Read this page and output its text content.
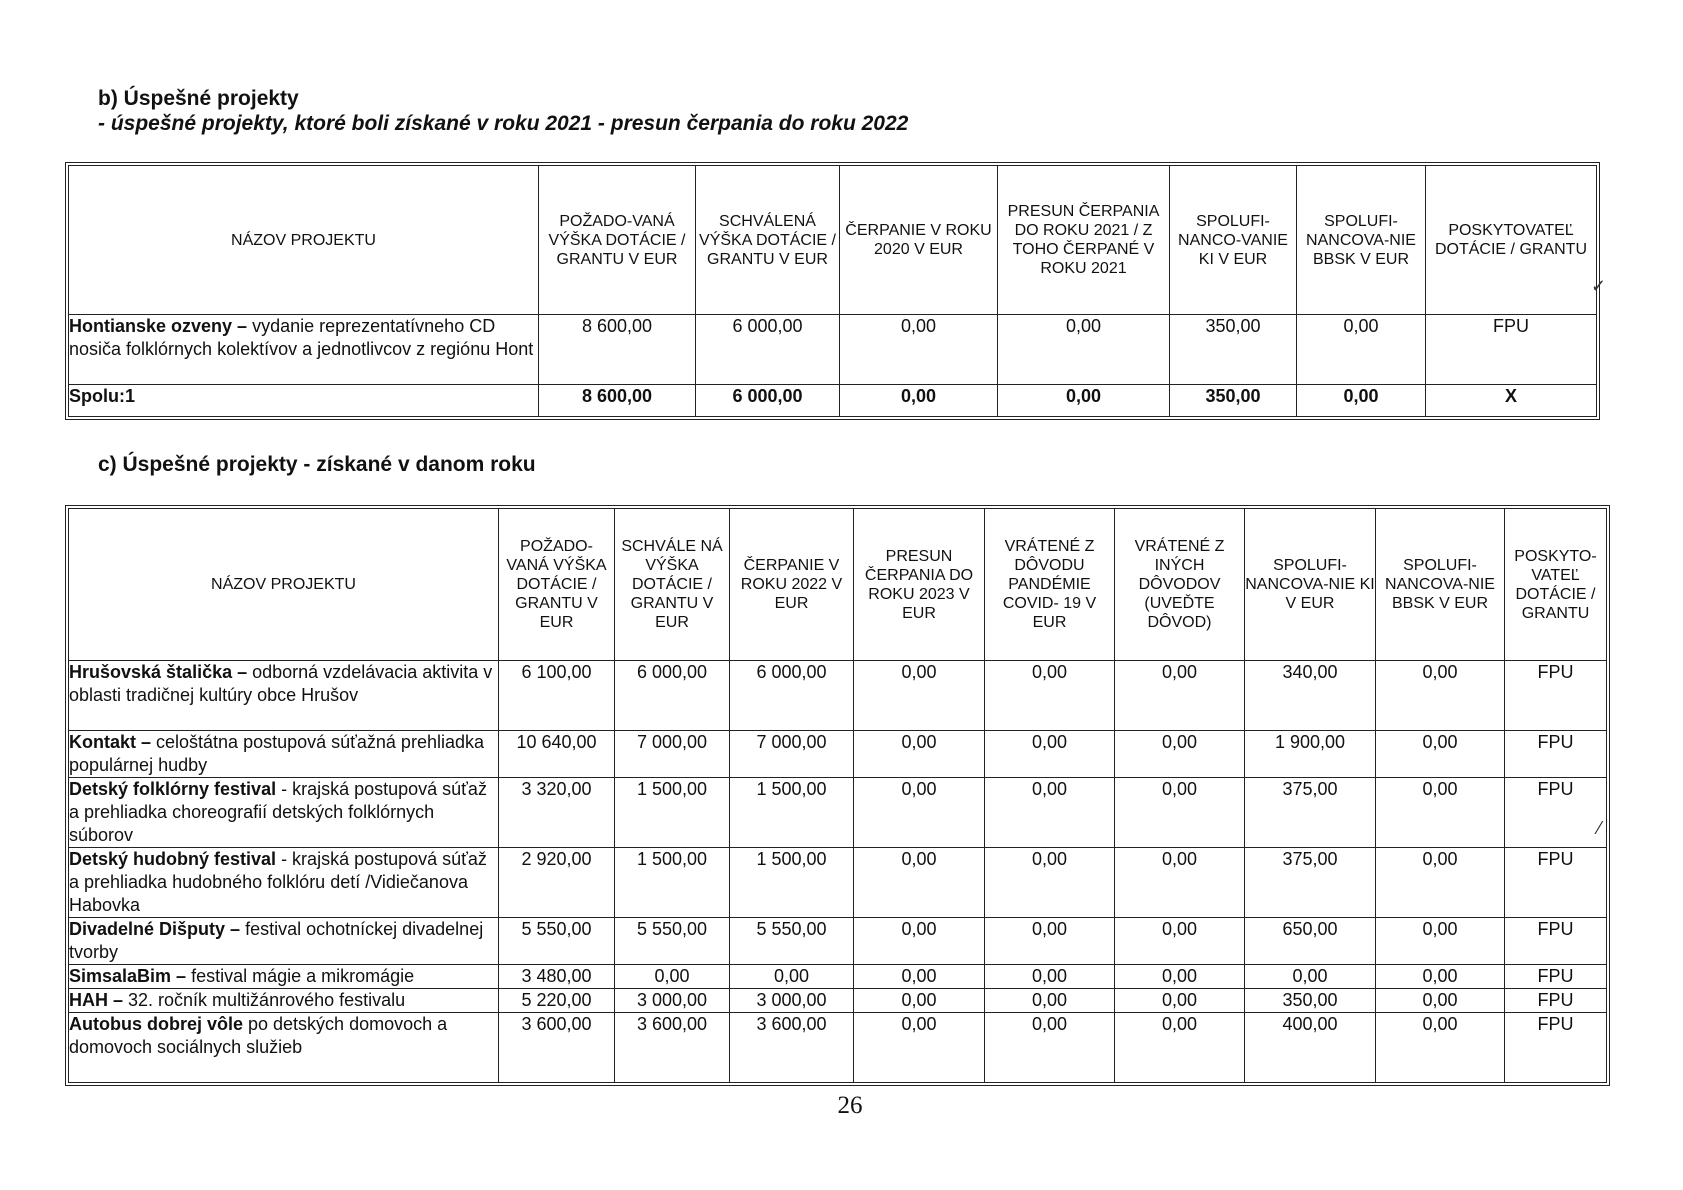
b) Úspešné projekty
- úspešné projekty, ktoré boli získané v roku 2021 - presun čerpania do roku 2022
NÁZOV PROJEKTU	POŽADO-VANÁ VÝŠKA DOTÁCIE / GRANTU V EUR	SCHVÁLENÁ VÝŠKA DOTÁCIE / GRANTU V EUR	ČERPANIE V ROKU 2020 V EUR	PRESUN ČERPANIA DO ROKU 2021 / Z TOHO ČERPANÉ V ROKU 2021	SPOLUFI-NANCO-VANIE KI V EUR	SPOLUFI-NANCOVA-NIE BBSK V EUR	POSKYTOVATEĽ DOTÁCIE / GRANTU
Hontianske ozveny – vydanie reprezentatívneho CD nosiča folklórnych kolektívov a jednotlivcov z regiónu Hont	8 600,00	6 000,00	0,00	0,00	350,00	0,00	FPU
Spolu:1	8 600,00	6 000,00	0,00	0,00	350,00	0,00	X
c) Úspešné projekty - získané v danom roku
NÁZOV PROJEKTU	POŽADO-VANÁ VÝŠKA DOTÁCIE / GRANTU V EUR	SCHVÁLE NÁ VÝŠKA DOTÁCIE / GRANTU V EUR	ČERPANIE V ROKU 2022 V EUR	PRESUN ČERPANIA DO ROKU 2023 V EUR	VRÁTENÉ Z DÔVODU PANDÉMIE COVID- 19 V EUR	VRÁTENÉ Z INÝCH DÔVODOV (UVEĎTE DÔVOD)	SPOLUFI-NANCOVA-NIE KI V EUR	SPOLUFI-NANCOVA-NIE BBSK V EUR	POSKYTO-VATEĽ DOTÁCIE / GRANTU
Hrušovská štalička – odborná vzdelávacia aktivita v oblasti tradičnej kultúry obce Hrušov	6 100,00	6 000,00	6 000,00	0,00	0,00	0,00	340,00	0,00	FPU
Kontakt – celoštátna postupová súťažná prehliadka populárnej hudby	10 640,00	7 000,00	7 000,00	0,00	0,00	0,00	1 900,00	0,00	FPU
Detský folklórny festival - krajská postupová súťaž a prehliadka choreografií detských folklórnych súborov	3 320,00	1 500,00	1 500,00	0,00	0,00	0,00	375,00	0,00	FPU
Detský hudobný festival - krajská postupová súťaž a prehliadka hudobného folklóru detí /Vidiečanova Habovka	2 920,00	1 500,00	1 500,00	0,00	0,00	0,00	375,00	0,00	FPU
Divadelné Dišputy – festival ochotníckej divadelnej tvorby	5 550,00	5 550,00	5 550,00	0,00	0,00	0,00	650,00	0,00	FPU
SimsalaBim – festival mágie a mikromágie	3 480,00	0,00	0,00	0,00	0,00	0,00	0,00	0,00	FPU
HAH – 32. ročník multižánrového festivalu	5 220,00	3 000,00	3 000,00	0,00	0,00	0,00	350,00	0,00	FPU
Autobus dobrej vôle po detských domovoch a domovoch sociálnych služieb	3 600,00	3 600,00	3 600,00	0,00	0,00	0,00	400,00	0,00	FPU
✓
⁄
26
